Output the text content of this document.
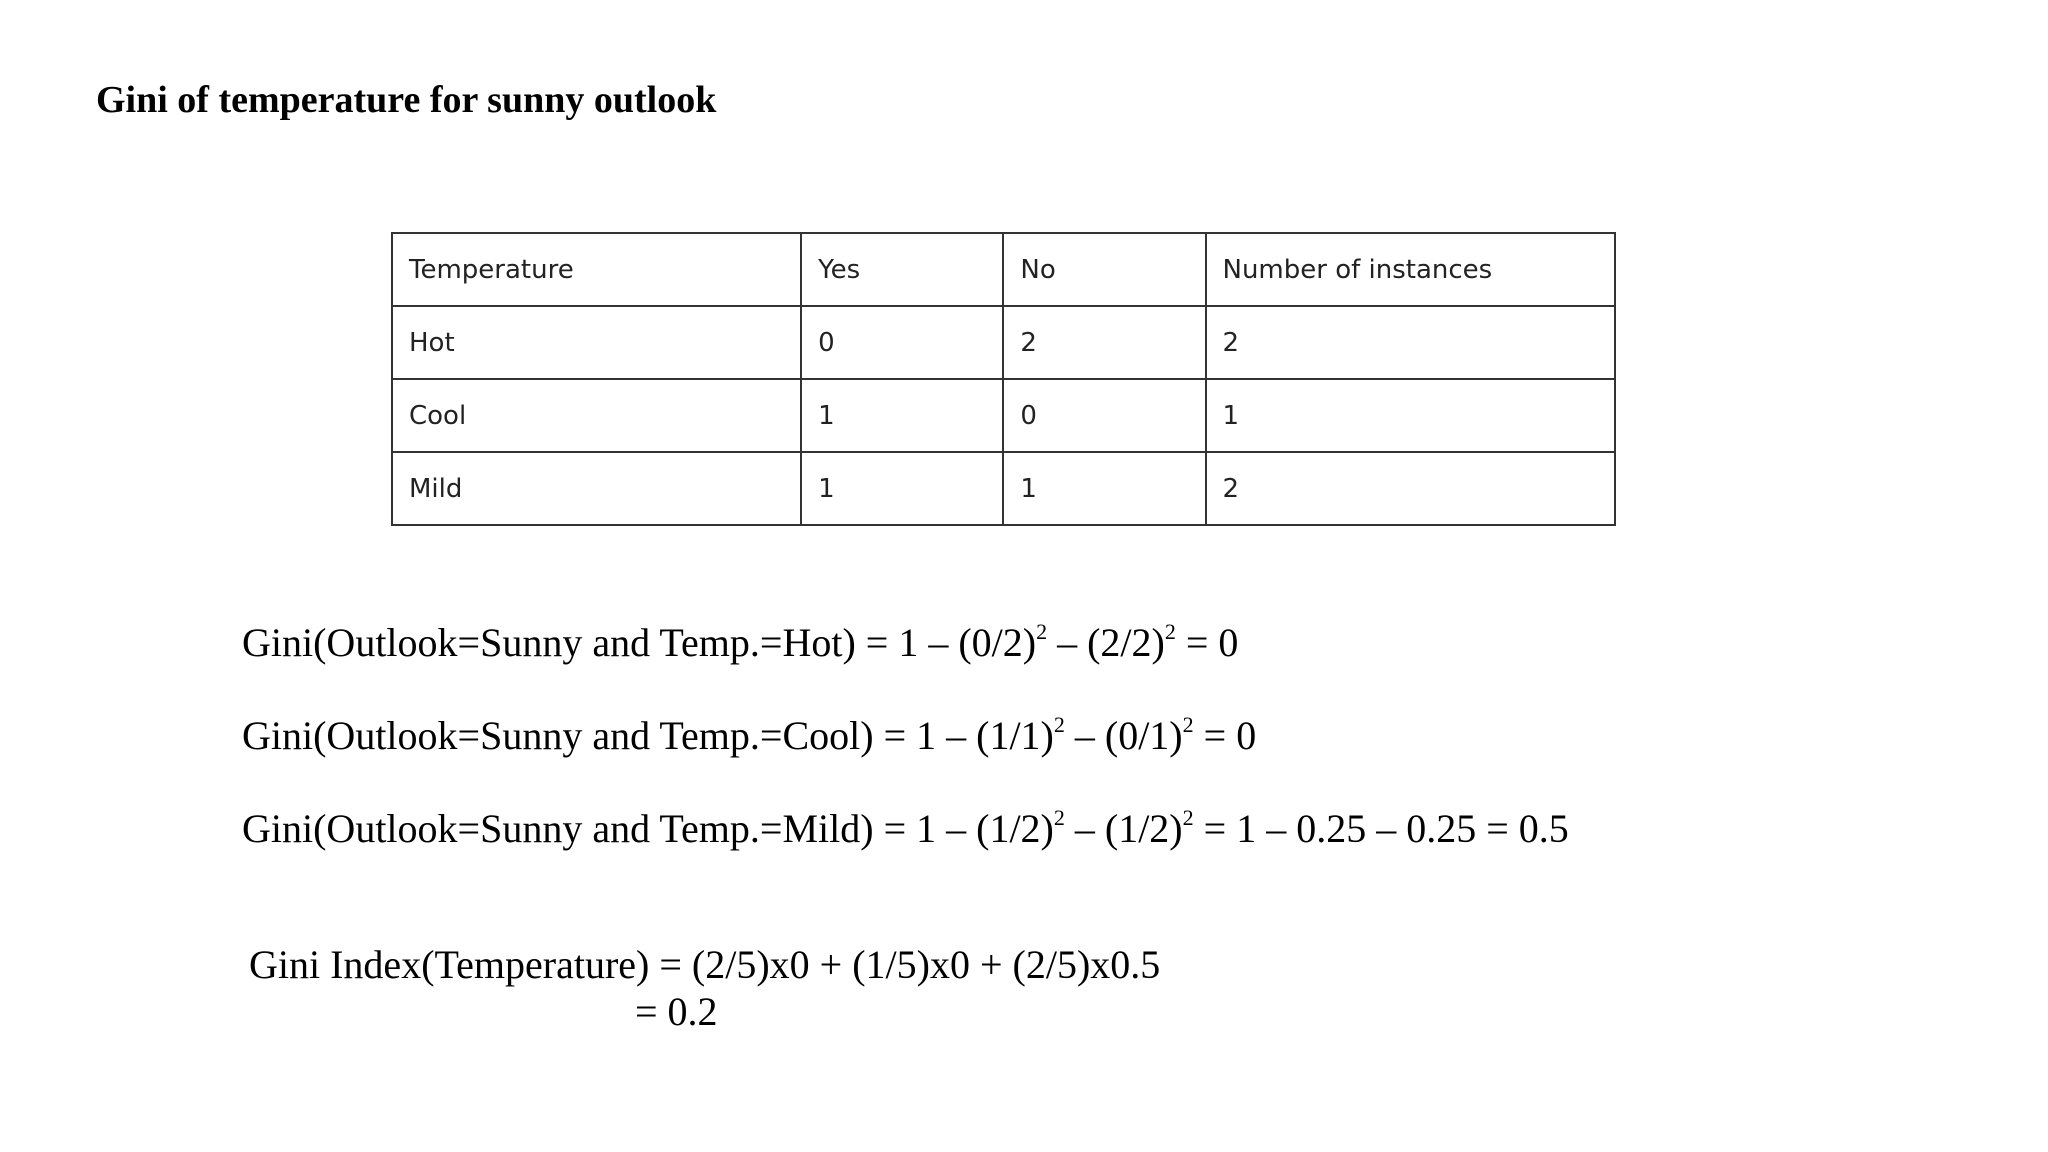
Gini of temperature for sunny outlook
Temperature	Yes	No	Number of instances
Hot	0	2	2
Cool	1	0	1
Mild	1	1	2
Gini(Outlook=Sunny and Temp.=Hot) = $1 - (0/2)^2 - (2/2)^2 = 0$
Gini(Outlook=Sunny and Temp.=Cool) = $1 - (1/1)^2 - (0/1)^2 = 0$
Gini(Outlook=Sunny and Temp.=Mild) = $1 - (1/2)^2 - (1/2)^2 = 1 - 0.25 - 0.25 = 0.5$
Gini Index(Temperature) = (2/5)x0 + (1/5)x0 + (2/5)x0.5
= 0.2
